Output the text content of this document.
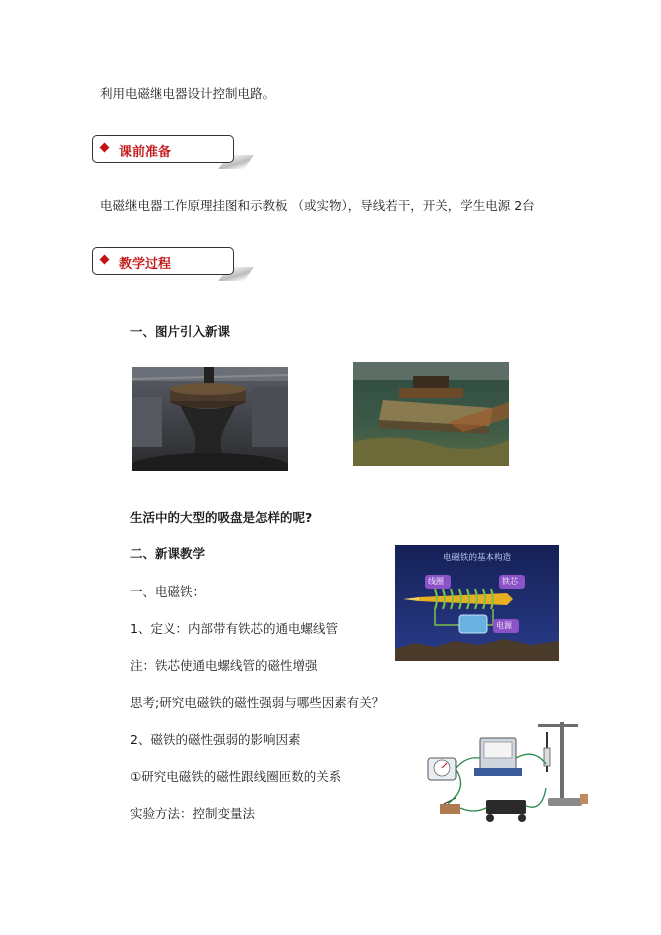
利用电磁继电器设计控制电路。
课前准备
电磁继电器工作原理挂图和示教板 （或实物），导线若干，开关，学生电源 2台
教学过程
一、图片引入新课
生活中的大型的吸盘是怎样的呢?
二、新课教学	电磁铁的基本构造
线圈	铁芯
电源
一、电磁铁：
1、定义：内部带有铁芯的通电螺线管
注：铁芯使通电螺线管的磁性增强
思考;研究电磁铁的磁性强弱与哪些因素有关？
2、磁铁的磁性强弱的影响因素
①研究电磁铁的磁性跟线圈匝数的关系
实验方法：控制变量法
